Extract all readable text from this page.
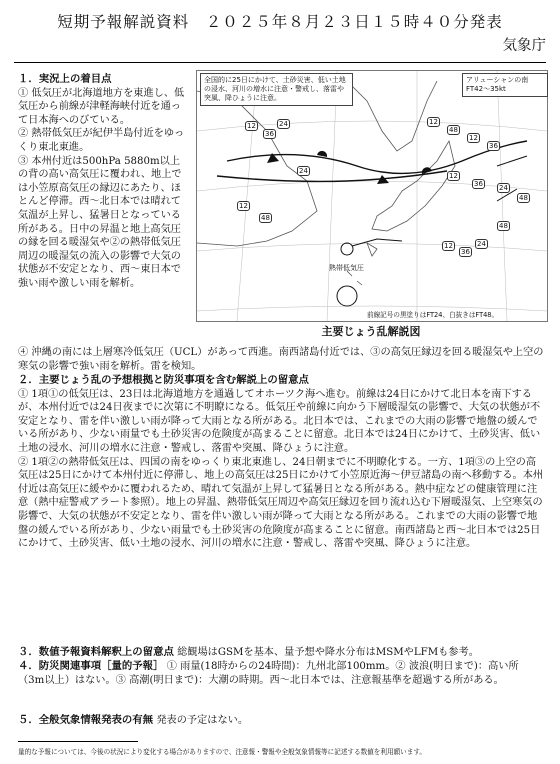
短期予報解説資料　２０２５年８月２３日１５時４０分発表
気象庁

１．実況上の着目点

① 低気圧が北海道地方を東進し、低気圧から前線が津軽海峡付近を通って日本海へのびている。

② 熱帯低気圧が紀伊半島付近をゆっくり東北東進。

③ 本州付近は500hPa 5880m以上の背の高い高気圧に覆われ、地上では小笠原高気圧の縁辺にあたり、ほとんど停滞。西〜北日本では晴れて気温が上昇し、猛暑日となっている所がある。日中の昇温と地上高気圧の縁を回る暖湿気や②の熱帯低気圧周辺の暖湿気の流入の影響で大気の状態が不安定となり、西〜東日本で強い雨や激しい雨を解析。

全国的に25日にかけて、土砂災害、低い土地の浸水、河川の増水に注意・警戒し、落雷や突風、降ひょうに注意。
アリューシャンの南
FT42〜35kt
熱帯低気圧
前線記号の黒塗りはFT24、白抜きはFT48。
12
36
24	12
48
12
36
24
12
48
12
36 24
48
12
36
24
48
主要じょう乱解説図

④ 沖縄の南には上層寒冷低気圧（UCL）があって西進。南西諸島付近では、③の高気圧縁辺を回る暖湿気や上空の寒気の影響で強い雨を解析。雷を検知。

２．主要じょう乱の予想根拠と防災事項を含む解説上の留意点

① 1項①の低気圧は、23日は北海道地方を通過してオホーツク海へ進む。前線は24日にかけて北日本を南下するが、本州付近では24日夜までに次第に不明瞭になる。低気圧や前線に向かう下層暖湿気の影響で、大気の状態が不安定となり、雷を伴い激しい雨が降って大雨となる所がある。北日本では、これまでの大雨の影響で地盤の緩んでいる所があり、少ない雨量でも土砂災害の危険度が高まることに留意。北日本では24日にかけて、土砂災害、低い土地の浸水、河川の増水に注意・警戒し、落雷や突風、降ひょうに注意。

② 1項②の熱帯低気圧は、四国の南をゆっくり東北東進し、24日朝までに不明瞭化する。一方、1項③の上空の高気圧は25日にかけて本州付近に停滞し、地上の高気圧は25日にかけて小笠原近海〜伊豆諸島の南へ移動する。本州付近は高気圧に緩やかに覆われるため、晴れて気温が上昇して猛暑日となる所がある。熱中症などの健康管理に注意（熱中症警戒アラート参照）。地上の昇温、熱帯低気圧周辺や高気圧縁辺を回り流れ込む下層暖湿気、上空寒気の影響で、大気の状態が不安定となり、雷を伴い激しい雨が降って大雨となる所がある。これまでの大雨の影響で地盤の緩んでいる所があり、少ない雨量でも土砂災害の危険度が高まることに留意。南西諸島と西〜北日本では25日にかけて、土砂災害、低い土地の浸水、河川の増水に注意・警戒し、落雷や突風、降ひょうに注意。

３．数値予報資料解釈上の留意点 総観場はGSMを基本、量予想や降水分布はMSMやLFMも参考。
４．防災関連事項［量的予報］ ① 雨量(18時からの24時間)：九州北部100mm。② 波浪(明日まで)：高い所（3m以上）はない。③ 高潮(明日まで)：大潮の時期。西〜北日本では、注意報基準を超過する所がある。
５．全般気象情報発表の有無 発表の予定はない。
量的な予報については、今後の状況により変化する場合がありますので、注意報・警報や全般気象情報等に記述する数値を利用願います。
